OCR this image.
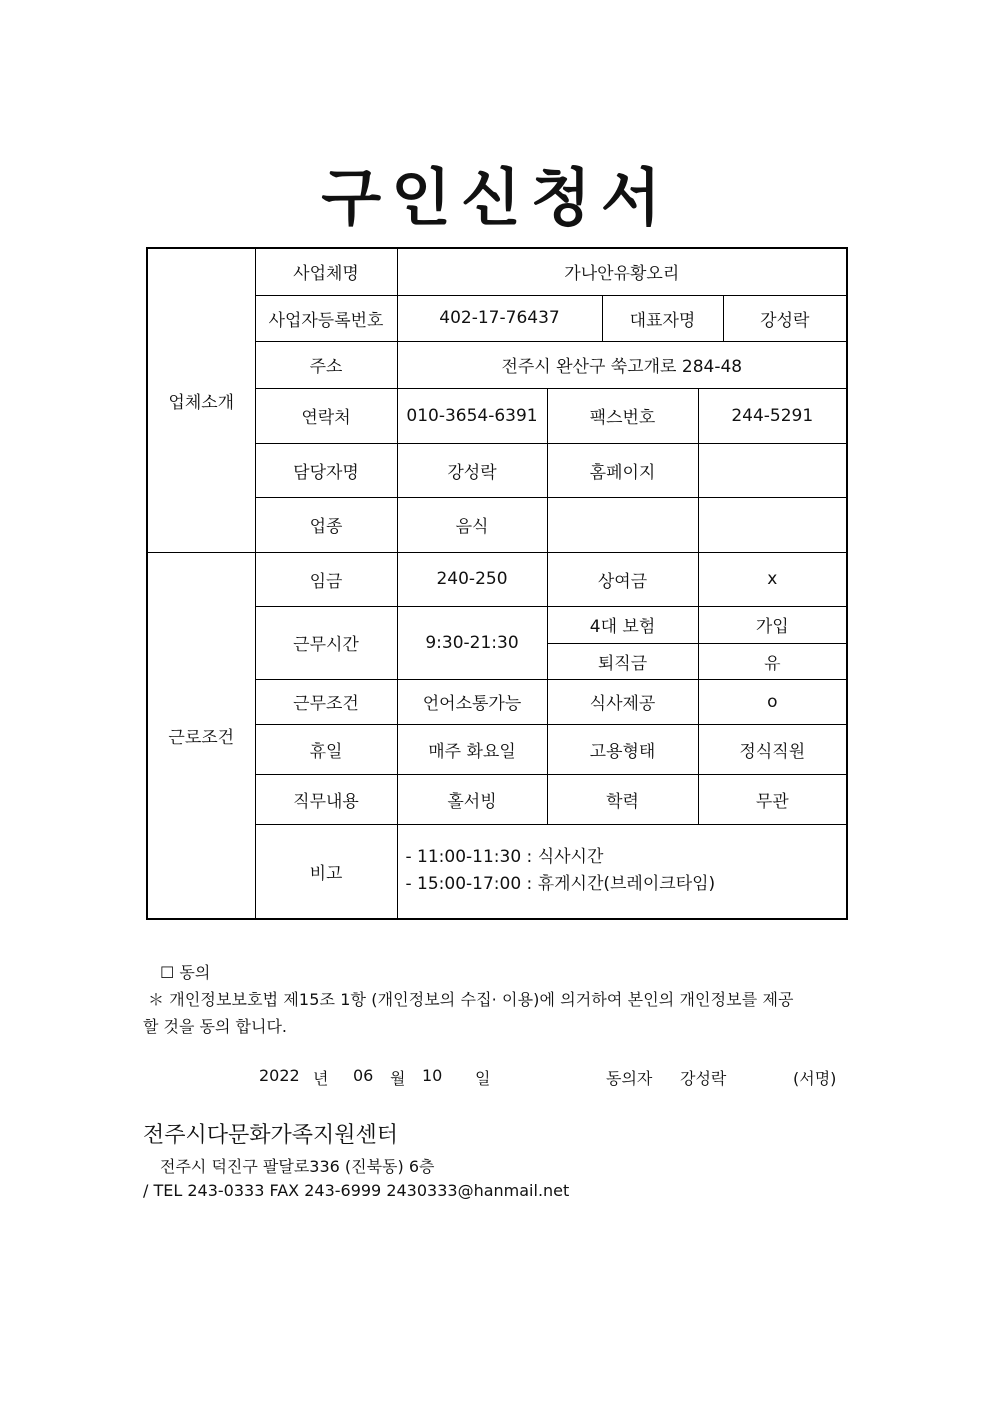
구인신청서
업체소개	사업체명	가나안유황오리				
	사업자등록번호	402-17-76437		대표자명		강성락
	주소	전주시 완산구 쑥고개로 284-48				
	연락처	010-3654-6391	팩스번호		244-5291	
	담당자명	강성락	홈페이지			
	업종	음식				
근로조건	임금	240-250	상여금		x	
	근무시간	9:30-21:30	4대 보험		가입	
			퇴직금		유	
	근무조건	언어소통가능	식사제공		o	
	휴일	매주 화요일	고용형태		정식직원	
	직무내용	홀서빙	학력		무관	
	비고	- 11:00-11:30 : 식사시간
- 15:00-17:00 : 휴게시간(브레이크타임)				
☐ 동의
＊ 개인정보보호법 제15조 1항 (개인정보의 수집· 이용)에 의거하여 본인의 개인정보를 제공
할 것을 동의 합니다.
2022 년 06 월 10 일	동의자 강성락	(서명)
전주시다문화가족지원센터
전주시 덕진구 팔달로336 (진북동) 6층
/ TEL 243-0333 FAX 243-6999 2430333@hanmail.net
